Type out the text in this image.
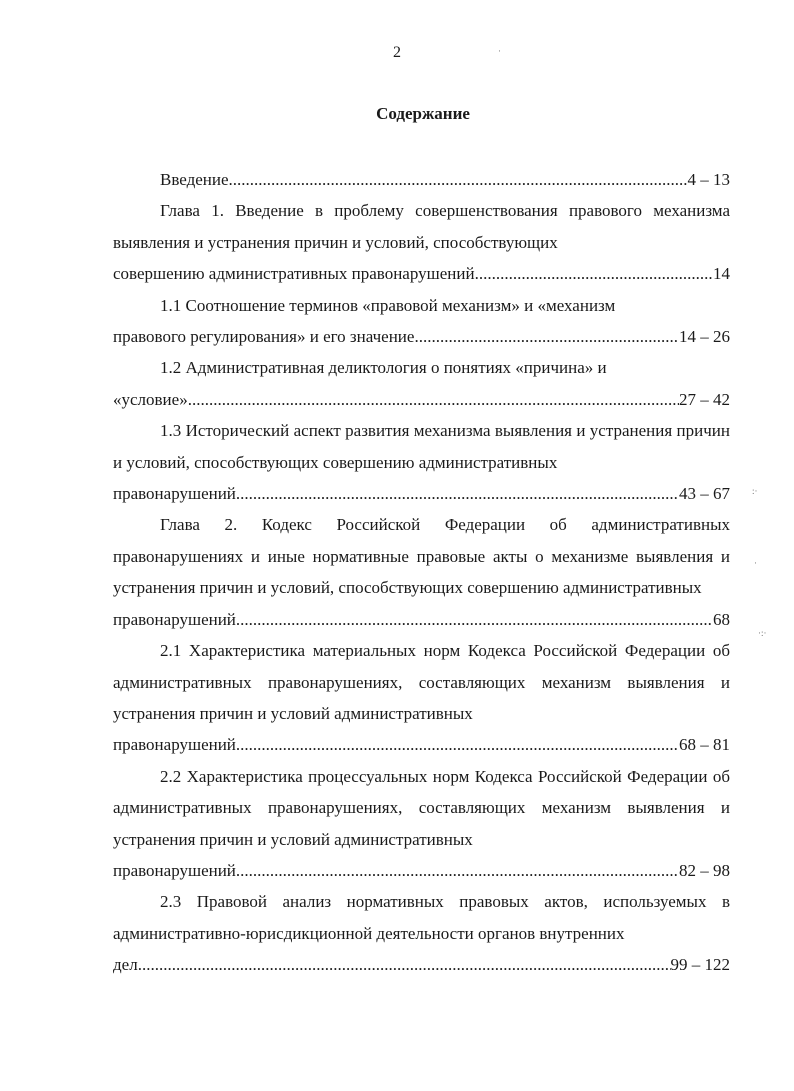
2
Содержание
Введение .....	4 – 13
Глава 1. Введение в проблему совершенствования правового механизма выявления и устранения причин и условий, способствующих
совершению административных правонарушений .....	14
1.1 Соотношение терминов «правовой механизм» и «механизм
правового регулирования» и его значение .....	14 – 26
1.2 Административная деликтология о понятиях «причина» и
«условие» .....	27 – 42
1.3 Исторический аспект развития механизма выявления и устранения причин и условий, способствующих совершению административных
правонарушений .....	43 – 67
Глава 2. Кодекс Российской Федерации об административных правонарушениях и иные нормативные правовые акты о механизме выявления и устранения причин и условий, способствующих совершению административных
правонарушений .....	68
2.1 Характеристика материальных норм Кодекса Российской Федерации об административных правонарушениях, составляющих механизм выявления и устранения причин и условий административных
правонарушений .....	68 – 81
2.2 Характеристика процессуальных норм Кодекса Российской Федерации об административных правонарушениях, составляющих механизм выявления и устранения причин и условий административных
правонарушений .....	82 – 98
2.3 Правовой анализ нормативных правовых актов, используемых в административно-юрисдикционной деятельности органов внутренних
дел .....	99 – 122
·
:·
·
·:·
